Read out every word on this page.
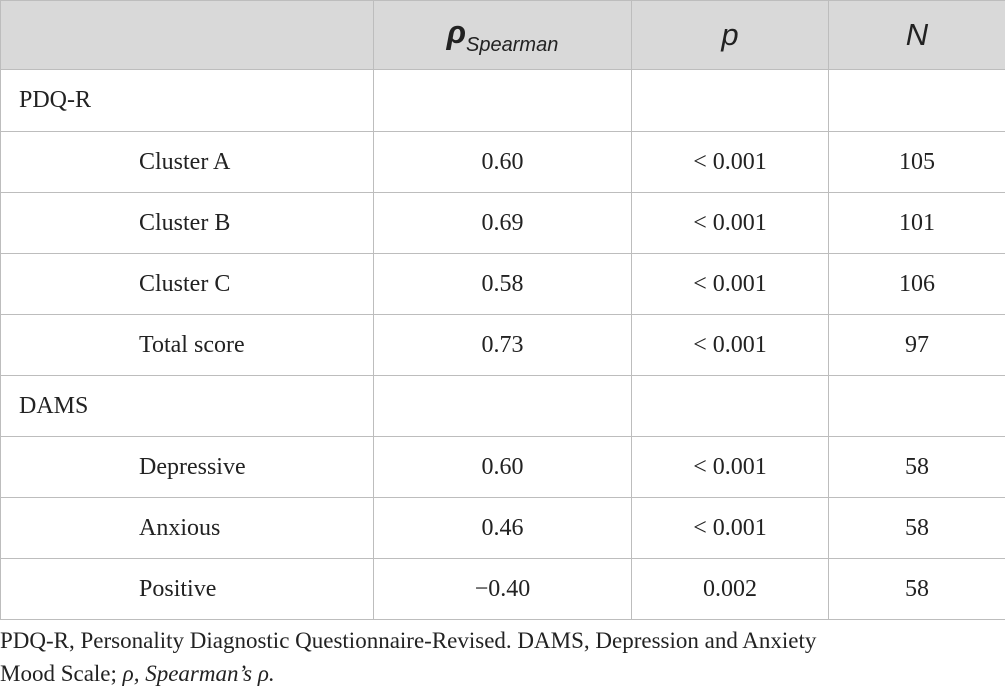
	$\rho_{Spearman}$	p	N
PDQ-R			
Cluster A	0.60	< 0.001	105
Cluster B	0.69	< 0.001	101
Cluster C	0.58	< 0.001	106
Total score	0.73	< 0.001	97
DAMS			
Depressive	0.60	< 0.001	58
Anxious	0.46	< 0.001	58
Positive	−0.40	0.002	58

PDQ-R, Personality Diagnostic Questionnaire-Revised. DAMS, Depression and Anxiety
Mood Scale; ρ, Spearman’s ρ.
